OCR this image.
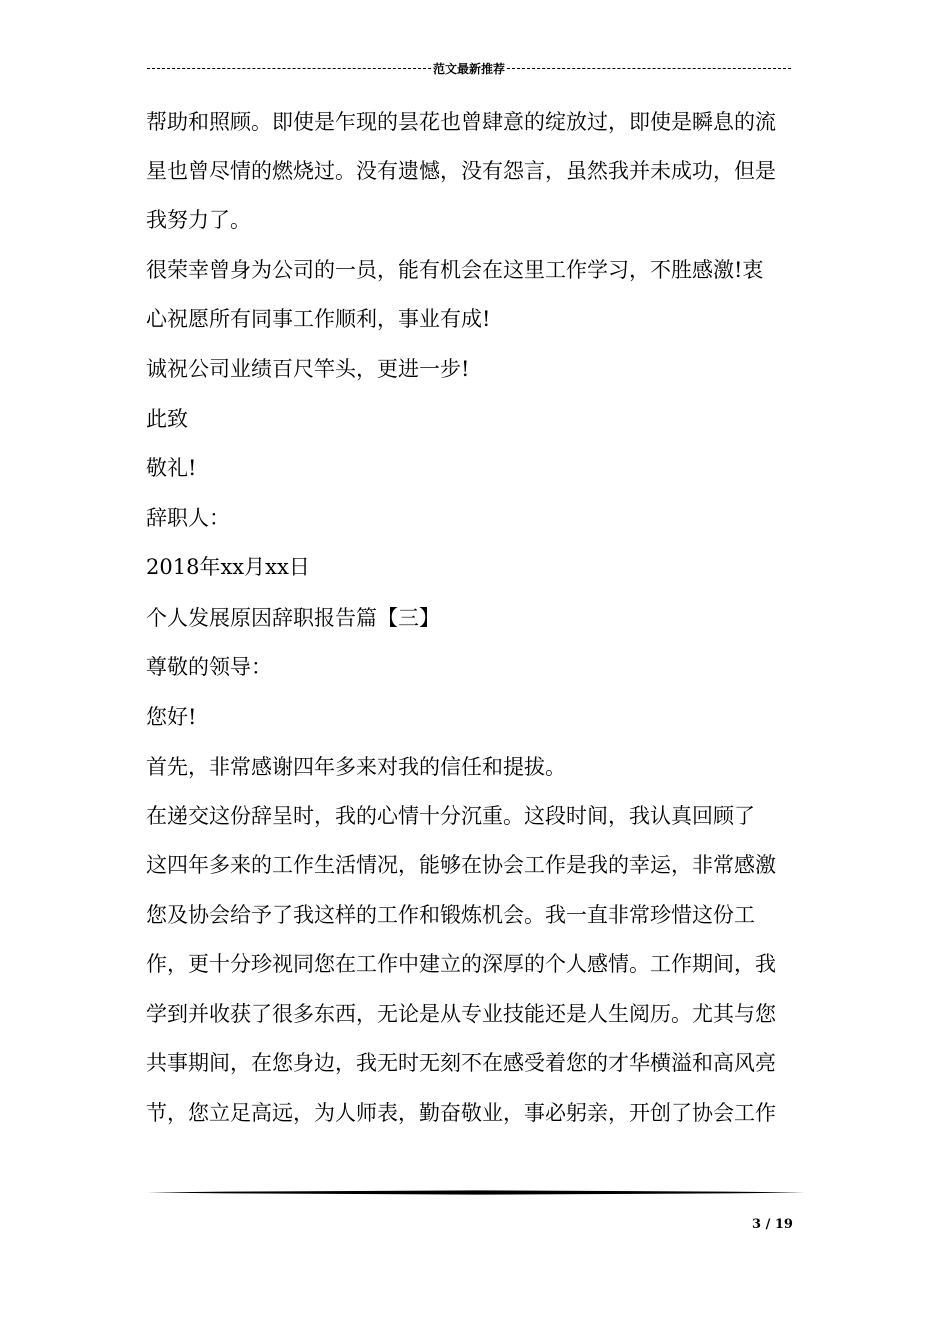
范文最新推荐
帮助和照顾。即使是乍现的昙花也曾肆意的绽放过，即使是瞬息的流
星也曾尽情的燃烧过。没有遗憾，没有怨言，虽然我并未成功，但是
我努力了。
很荣幸曾身为公司的一员，能有机会在这里工作学习，不胜感激!衷
心祝愿所有同事工作顺利，事业有成!
诚祝公司业绩百尺竿头，更进一步!
此致
敬礼!
辞职人：
2018年xx月xx日
个人发展原因辞职报告篇【三】
尊敬的领导：
您好!
首先，非常感谢四年多来对我的信任和提拔。
在递交这份辞呈时，我的心情十分沉重。这段时间，我认真回顾了
这四年多来的工作生活情况，能够在协会工作是我的幸运，非常感激
您及协会给予了我这样的工作和锻炼机会。我一直非常珍惜这份工
作，更十分珍视同您在工作中建立的深厚的个人感情。工作期间，我
学到并收获了很多东西，无论是从专业技能还是人生阅历。尤其与您
共事期间，在您身边，我无时无刻不在感受着您的才华横溢和高风亮
节，您立足高远，为人师表，勤奋敬业，事必躬亲，开创了协会工作
3 / 19
